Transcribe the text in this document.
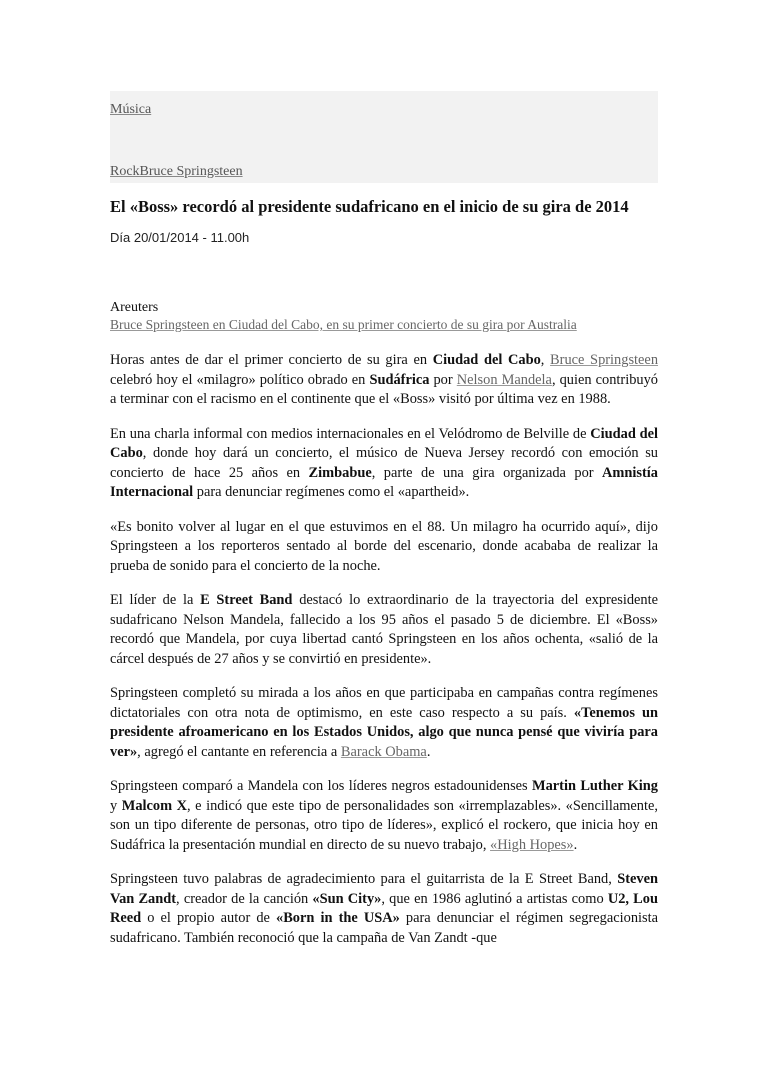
Música
RockBruce Springsteen
El «Boss» recordó al presidente sudafricano en el inicio de su gira de 2014
Día 20/01/2014 - 11.00h
Areuters
Bruce Springsteen en Ciudad del Cabo, en su primer concierto de su gira por Australia

Horas antes de dar el primer concierto de su gira en Ciudad del Cabo, Bruce Springsteen celebró hoy el «milagro» político obrado en Sudáfrica por Nelson Mandela, quien contribuyó a terminar con el racismo en el continente que el «Boss» visitó por última vez en 1988.

En una charla informal con medios internacionales en el Velódromo de Belville de Ciudad del Cabo, donde hoy dará un concierto, el músico de Nueva Jersey recordó con emoción su concierto de hace 25 años en Zimbabue, parte de una gira organizada por Amnistía Internacional para denunciar regímenes como el «apartheid».

«Es bonito volver al lugar en el que estuvimos en el 88. Un milagro ha ocurrido aquí», dijo Springsteen a los reporteros sentado al borde del escenario, donde acababa de realizar la prueba de sonido para el concierto de la noche.

El líder de la E Street Band destacó lo extraordinario de la trayectoria del expresidente sudafricano Nelson Mandela, fallecido a los 95 años el pasado 5 de diciembre. El «Boss» recordó que Mandela, por cuya libertad cantó Springsteen en los años ochenta, «salió de la cárcel después de 27 años y se convirtió en presidente».

Springsteen completó su mirada a los años en que participaba en campañas contra regímenes dictatoriales con otra nota de optimismo, en este caso respecto a su país. «Tenemos un presidente afroamericano en los Estados Unidos, algo que nunca pensé que viviría para ver», agregó el cantante en referencia a Barack Obama.

Springsteen comparó a Mandela con los líderes negros estadounidenses Martin Luther King y Malcom X, e indicó que este tipo de personalidades son «irremplazables». «Sencillamente, son un tipo diferente de personas, otro tipo de líderes», explicó el rockero, que inicia hoy en Sudáfrica la presentación mundial en directo de su nuevo trabajo, «High Hopes».

Springsteen tuvo palabras de agradecimiento para el guitarrista de la E Street Band, Steven Van Zandt, creador de la canción «Sun City», que en 1986 aglutinó a artistas como U2, Lou Reed o el propio autor de «Born in the USA» para denunciar el régimen segregacionista sudafricano. También reconoció que la campaña de Van Zandt -que
